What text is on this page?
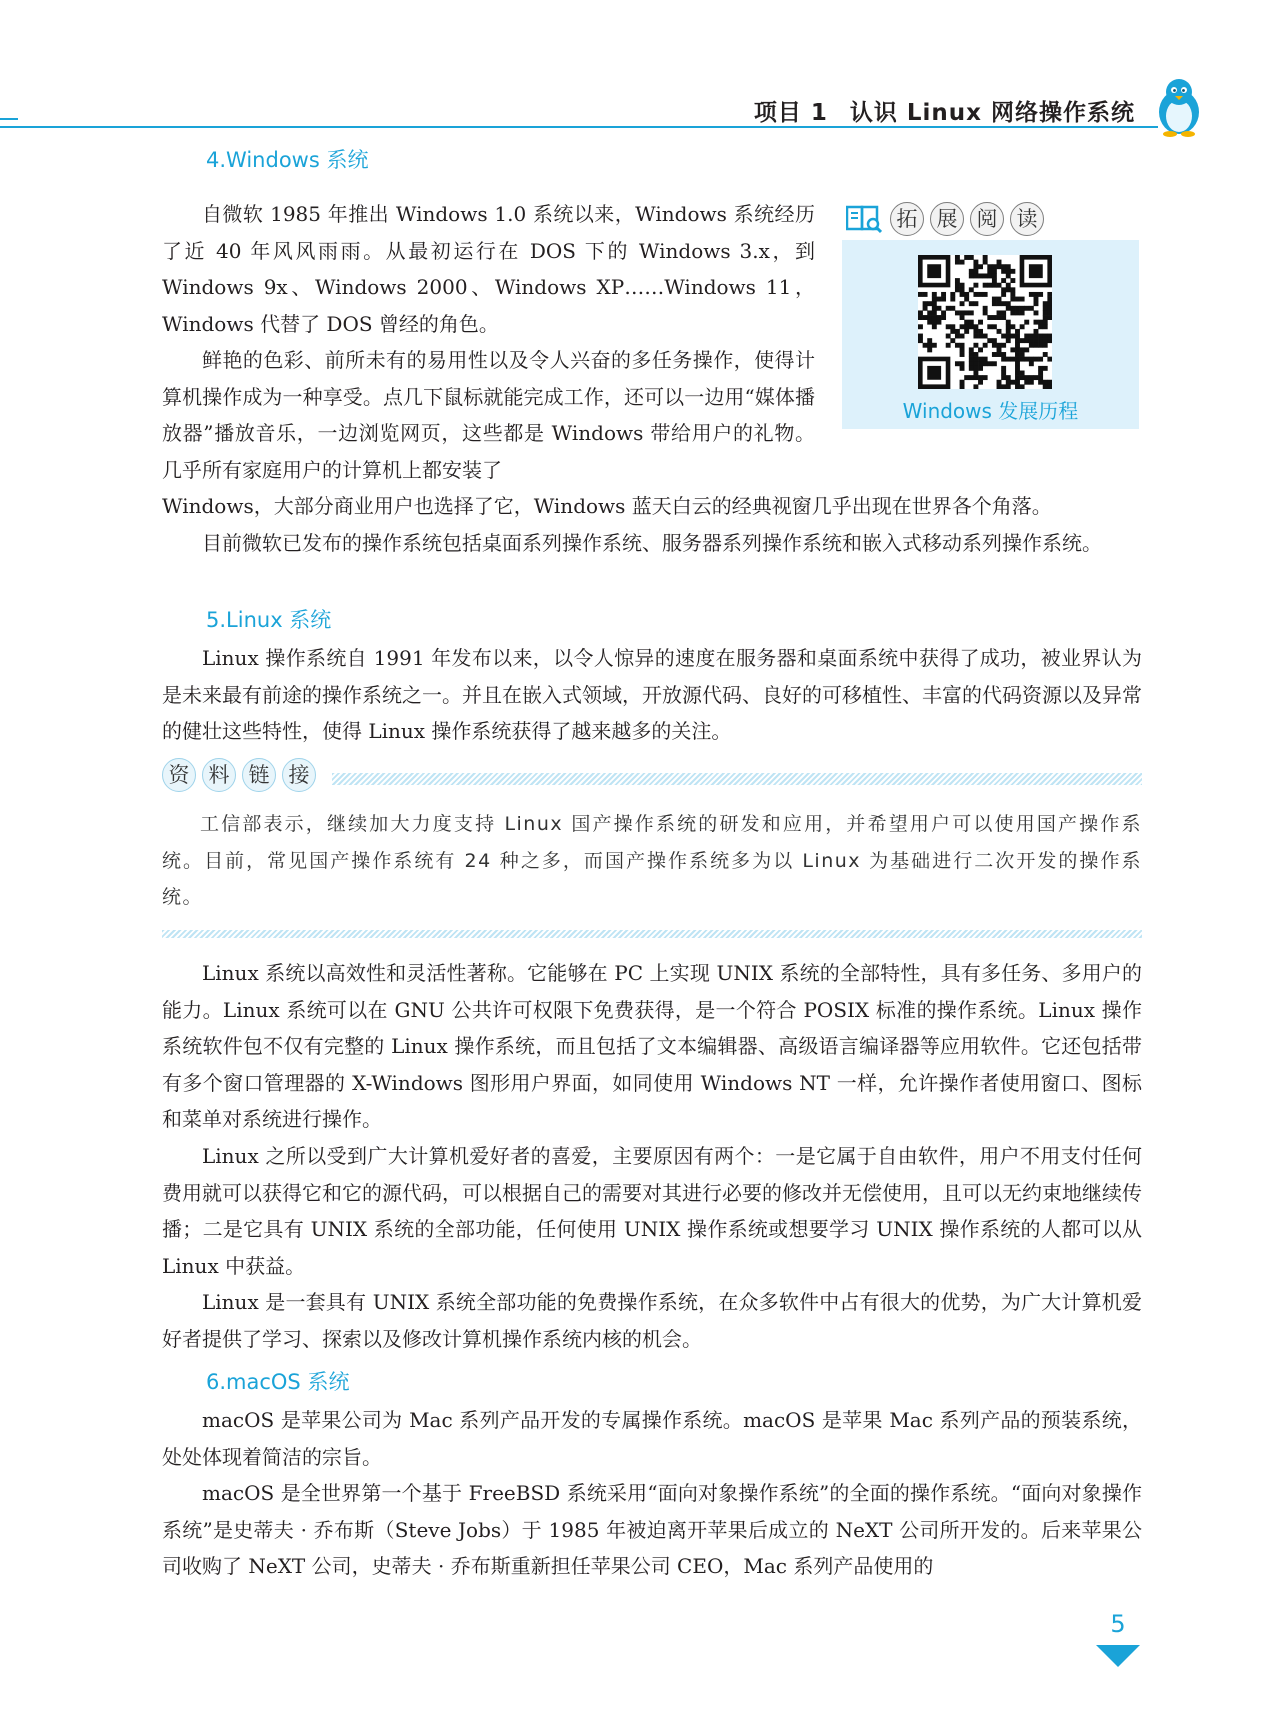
项目 1 认识 Linux 网络操作系统
4.Windows 系统

自微软 1985 年推出 Windows 1.0 系统以来，Windows 系统经历了近 40 年风风雨雨。从最初运行在 DOS 下的 Windows 3.x，到 Windows 9x、Windows 2000、Windows XP……Windows 11，Windows 代替了 DOS 曾经的角色。

鲜艳的色彩、前所未有的易用性以及令人兴奋的多任务操作，使得计算机操作成为一种享受。点几下鼠标就能完成工作，还可以一边用“媒体播放器”播放音乐，一边浏览网页，这些都是 Windows 带给用户的礼物。几乎所有家庭用户的计算机上都安装了

Windows，大部分商业用户也选择了它，Windows 蓝天白云的经典视窗几乎出现在世界各个角落。

目前微软已发布的操作系统包括桌面系列操作系统、服务器系列操作系统和嵌入式移动系列操作系统。

拓 展 阅 读
Windows 发展历程
5.Linux 系统

Linux 操作系统自 1991 年发布以来，以令人惊异的速度在服务器和桌面系统中获得了成功，被业界认为是未来最有前途的操作系统之一。并且在嵌入式领域，开放源代码、良好的可移植性、丰富的代码资源以及异常的健壮这些特性，使得 Linux 操作系统获得了越来越多的关注。

资 料 链 接

工信部表示，继续加大力度支持 Linux 国产操作系统的研发和应用，并希望用户可以使用国产操作系统。目前，常见国产操作系统有 24 种之多，而国产操作系统多为以 Linux 为基础进行二次开发的操作系统。

Linux 系统以高效性和灵活性著称。它能够在 PC 上实现 UNIX 系统的全部特性，具有多任务、多用户的能力。Linux 系统可以在 GNU 公共许可权限下免费获得，是一个符合 POSIX 标准的操作系统。Linux 操作系统软件包不仅有完整的 Linux 操作系统，而且包括了文本编辑器、高级语言编译器等应用软件。它还包括带有多个窗口管理器的 X-Windows 图形用户界面，如同使用 Windows NT 一样，允许操作者使用窗口、图标和菜单对系统进行操作。

Linux 之所以受到广大计算机爱好者的喜爱，主要原因有两个：一是它属于自由软件，用户不用支付任何费用就可以获得它和它的源代码，可以根据自己的需要对其进行必要的修改并无偿使用，且可以无约束地继续传播；二是它具有 UNIX 系统的全部功能，任何使用 UNIX 操作系统或想要学习 UNIX 操作系统的人都可以从 Linux 中获益。

Linux 是一套具有 UNIX 系统全部功能的免费操作系统，在众多软件中占有很大的优势，为广大计算机爱好者提供了学习、探索以及修改计算机操作系统内核的机会。

6.macOS 系统

macOS 是苹果公司为 Mac 系列产品开发的专属操作系统。macOS 是苹果 Mac 系列产品的预装系统，处处体现着简洁的宗旨。

macOS 是全世界第一个基于 FreeBSD 系统采用“面向对象操作系统”的全面的操作系统。“面向对象操作系统”是史蒂夫 · 乔布斯（Steve Jobs）于 1985 年被迫离开苹果后成立的 NeXT 公司所开发的。后来苹果公司收购了 NeXT 公司，史蒂夫 · 乔布斯重新担任苹果公司 CEO，Mac 系列产品使用的

5
